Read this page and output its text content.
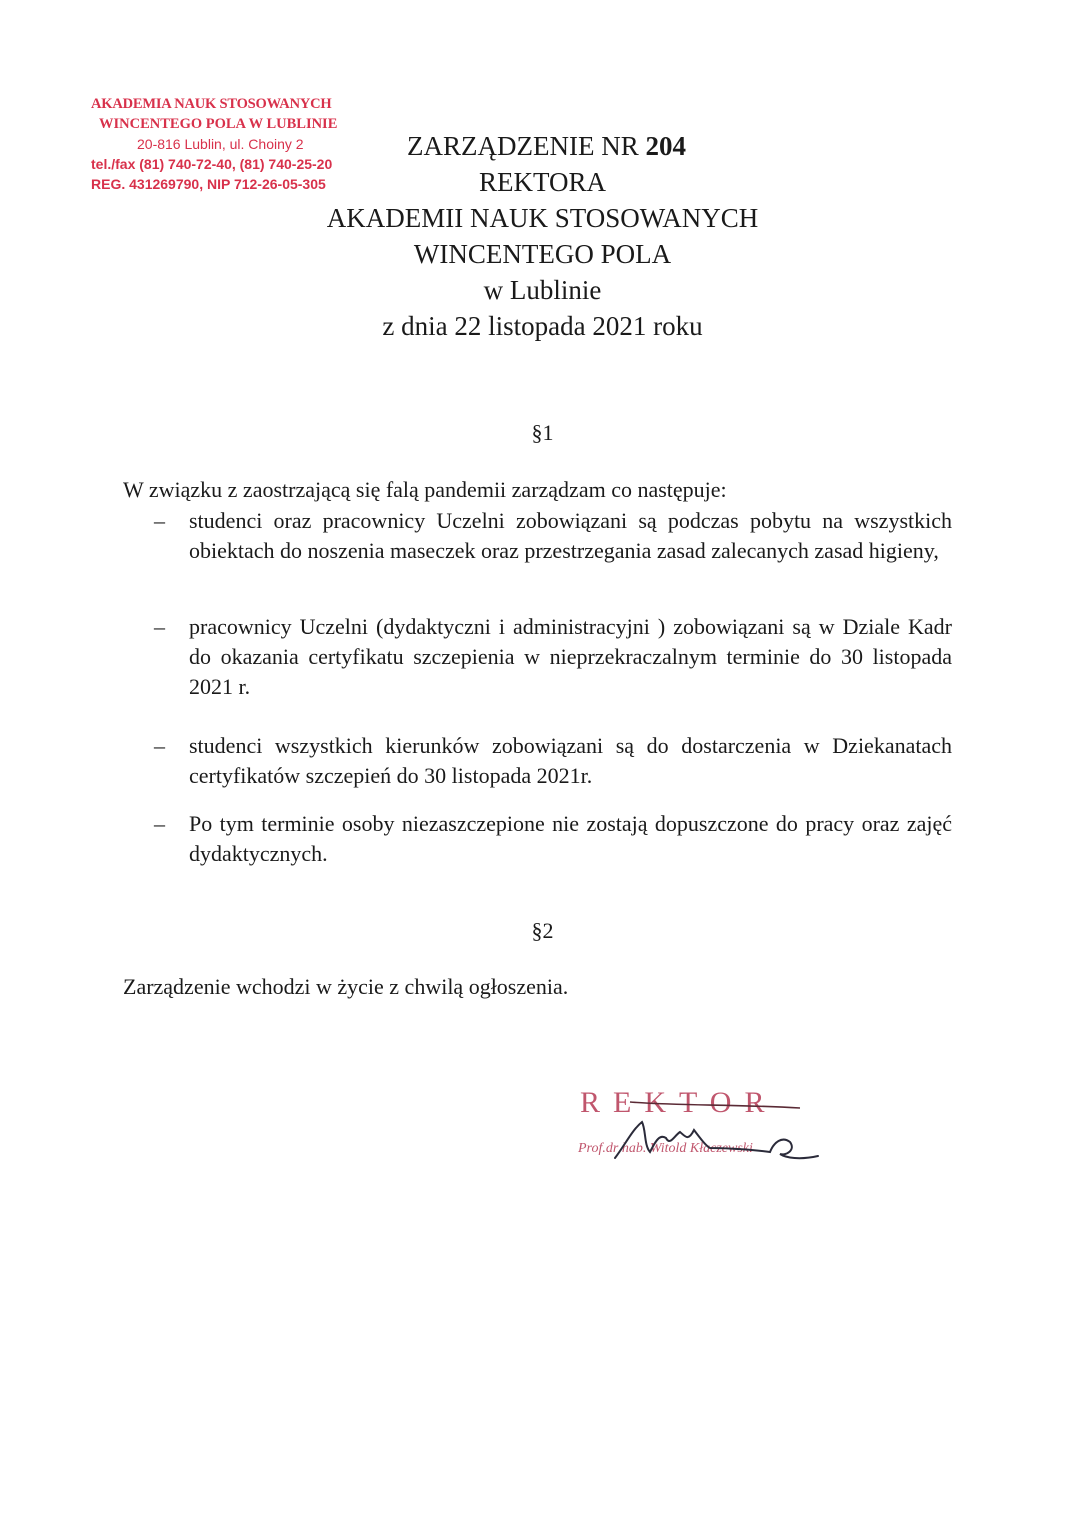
AKADEMIA NAUK STOSOWANYCH
WINCENTEGO POLA W LUBLINIE
20-816 Lublin, ul. Choiny 2
tel./fax (81) 740-72-40, (81) 740-25-20
REG. 431269790, NIP 712-26-05-305
ZARZĄDZENIE NR 204
REKTORA
AKADEMII NAUK STOSOWANYCH
WINCENTEGO POLA
w Lublinie
z dnia 22 listopada 2021 roku
§1
W związku z zaostrzającą się falą pandemii zarządzam co następuje:

– studenci oraz pracownicy Uczelni zobowiązani są podczas pobytu na wszystkich obiektach do noszenia maseczek oraz przestrzegania zasad zalecanych zasad higieny,

– pracownicy Uczelni (dydaktyczni i administracyjni ) zobowiązani są w Dziale Kadr do okazania certyfikatu szczepienia w nieprzekraczalnym terminie do 30 listopada 2021 r.

– studenci wszystkich kierunków zobowiązani są do dostarczenia w Dziekanatach certyfikatów szczepień do 30 listopada 2021r.

– Po tym terminie osoby niezaszczepione nie zostają dopuszczone do pracy oraz zajęć dydaktycznych.

§2
Zarządzenie wchodzi w życie z chwilą ogłoszenia.
REKTOR
Prof.dr hab. Witold Kłaczewski
